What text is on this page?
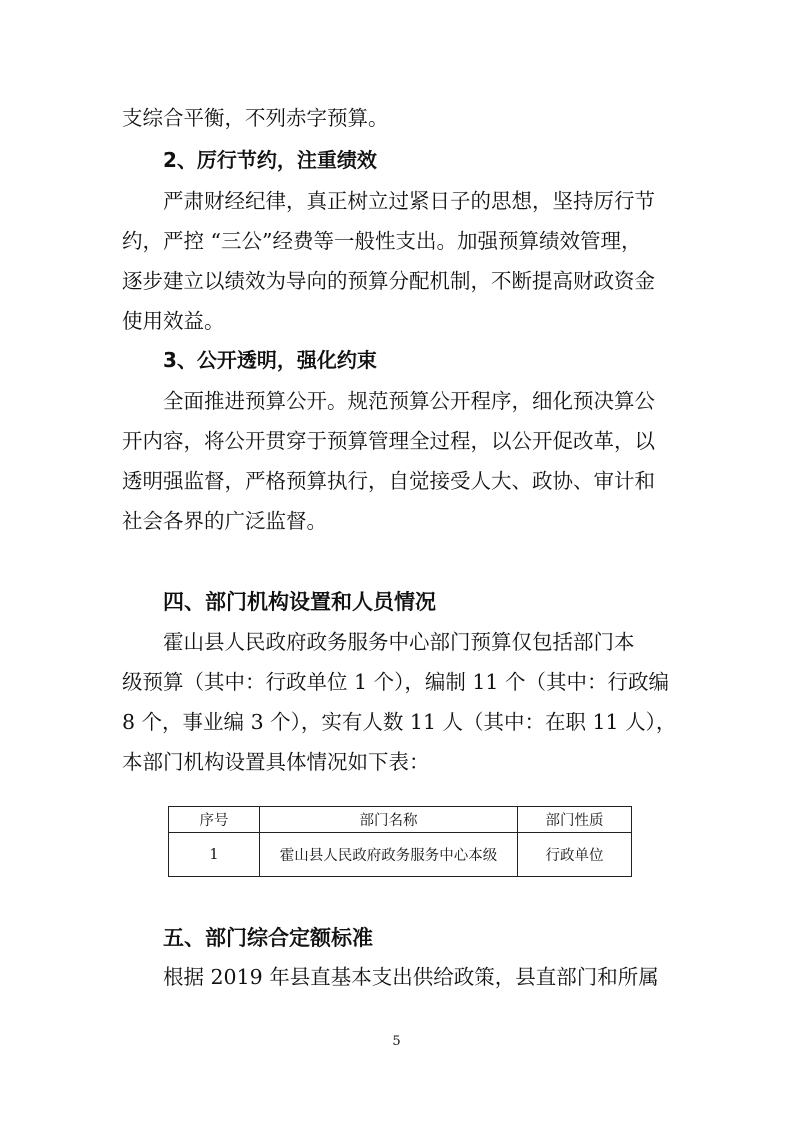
支综合平衡，不列赤字预算。
2、厉行节约，注重绩效
严肃财经纪律，真正树立过紧日子的思想，坚持厉行节
约，严控 “三公”经费等一般性支出。加强预算绩效管理，
逐步建立以绩效为导向的预算分配机制，不断提高财政资金
使用效益。
3、公开透明，强化约束
全面推进预算公开。规范预算公开程序，细化预决算公
开内容，将公开贯穿于预算管理全过程，以公开促改革，以
透明强监督，严格预算执行，自觉接受人大、政协、审计和
社会各界的广泛监督。
四、部门机构设置和人员情况
霍山县人民政府政务服务中心部门预算仅包括部门本
级预算（其中：行政单位 1 个），编制 11 个（其中：行政编
8 个，事业编 3 个），实有人数 11 人（其中：在职 11 人），
本部门机构设置具体情况如下表：
序号	部门名称	部门性质
1	霍山县人民政府政务服务中心本级	行政单位
五、部门综合定额标准
根据 2019 年县直基本支出供给政策，县直部门和所属
5
